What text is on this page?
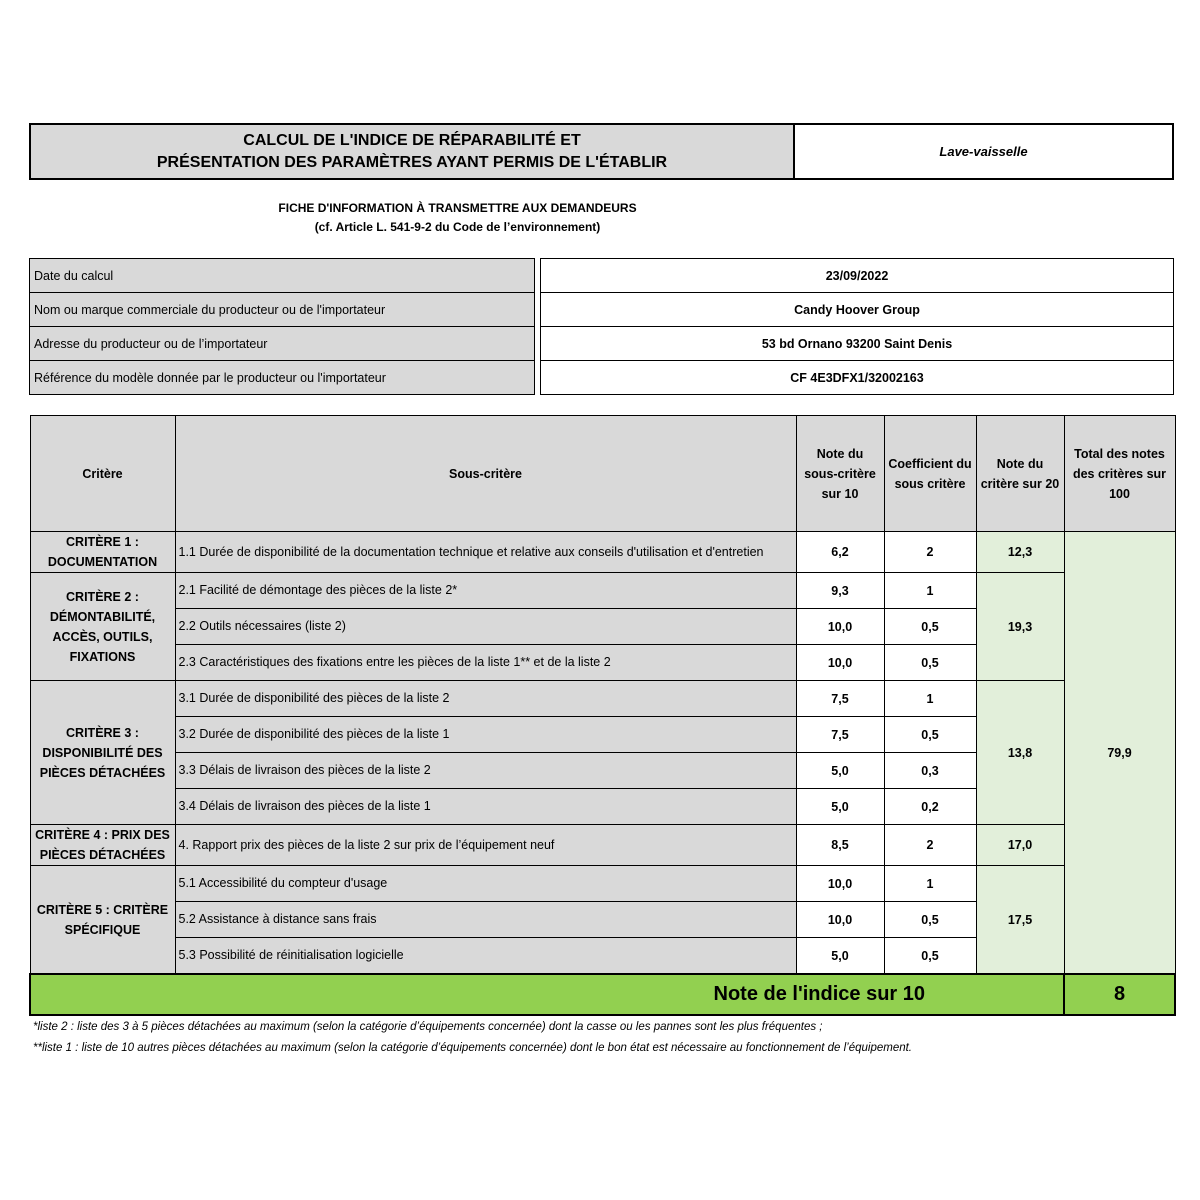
CALCUL DE L'INDICE DE RÉPARABILITÉ ET
PRÉSENTATION DES PARAMÈTRES AYANT PERMIS DE L'ÉTABLIR
Lave-vaisselle
FICHE D'INFORMATION À TRANSMETTRE AUX DEMANDEURS
(cf. Article L. 541-9-2 du Code de l’environnement)
Date du calcul		23/09/2022
Nom ou marque commerciale du producteur ou de l'importateur		Candy Hoover Group
Adresse du producteur ou de l’importateur		53 bd Ornano 93200 Saint Denis
Référence du modèle donnée par le producteur ou l'importateur		CF 4E3DFX1/32002163
Critère	Sous-critère	Note du sous-critère sur 10	Coefficient du sous critère	Note du critère sur 20	Total des notes des critères sur 100
CRITÈRE 1 : DOCUMENTATION	1.1 Durée de disponibilité de la documentation technique et relative aux conseils d'utilisation et d'entretien	6,2	2	12,3	79,9
CRITÈRE 2 : DÉMONTABILITÉ, ACCÈS, OUTILS, FIXATIONS	2.1 Facilité de démontage des pièces de la liste 2*	9,3	1	19,3	
	2.2 Outils nécessaires (liste 2)	10,0	0,5		
	2.3 Caractéristiques des fixations entre les pièces de la liste 1** et de la liste 2	10,0	0,5		
CRITÈRE 3 : DISPONIBILITÉ DES PIÈCES DÉTACHÉES	3.1 Durée de disponibilité des pièces de la liste 2	7,5	1	13,8	
	3.2 Durée de disponibilité des pièces de la liste 1	7,5	0,5		
	3.3 Délais de livraison des pièces de la liste 2	5,0	0,3		
	3.4 Délais de livraison des pièces de la liste 1	5,0	0,2		
CRITÈRE 4 : PRIX DES PIÈCES DÉTACHÉES	4. Rapport prix des pièces de la liste 2 sur prix de l’équipement neuf	8,5	2	17,0	
CRITÈRE 5 : CRITÈRE SPÉCIFIQUE	5.1 Accessibilité du compteur d'usage	10,0	1	17,5	
	5.2 Assistance à distance sans frais	10,0	0,5		
	5.3 Possibilité de réinitialisation logicielle	5,0	0,5		
Note de l'indice sur 10					8
*liste 2 : liste des 3 à 5 pièces détachées au maximum (selon la catégorie d’équipements concernée) dont la casse ou les pannes sont les plus fréquentes ;
**liste 1 : liste de 10 autres pièces détachées au maximum (selon la catégorie d’équipements concernée) dont le bon état est nécessaire au fonctionnement de l’équipement.
